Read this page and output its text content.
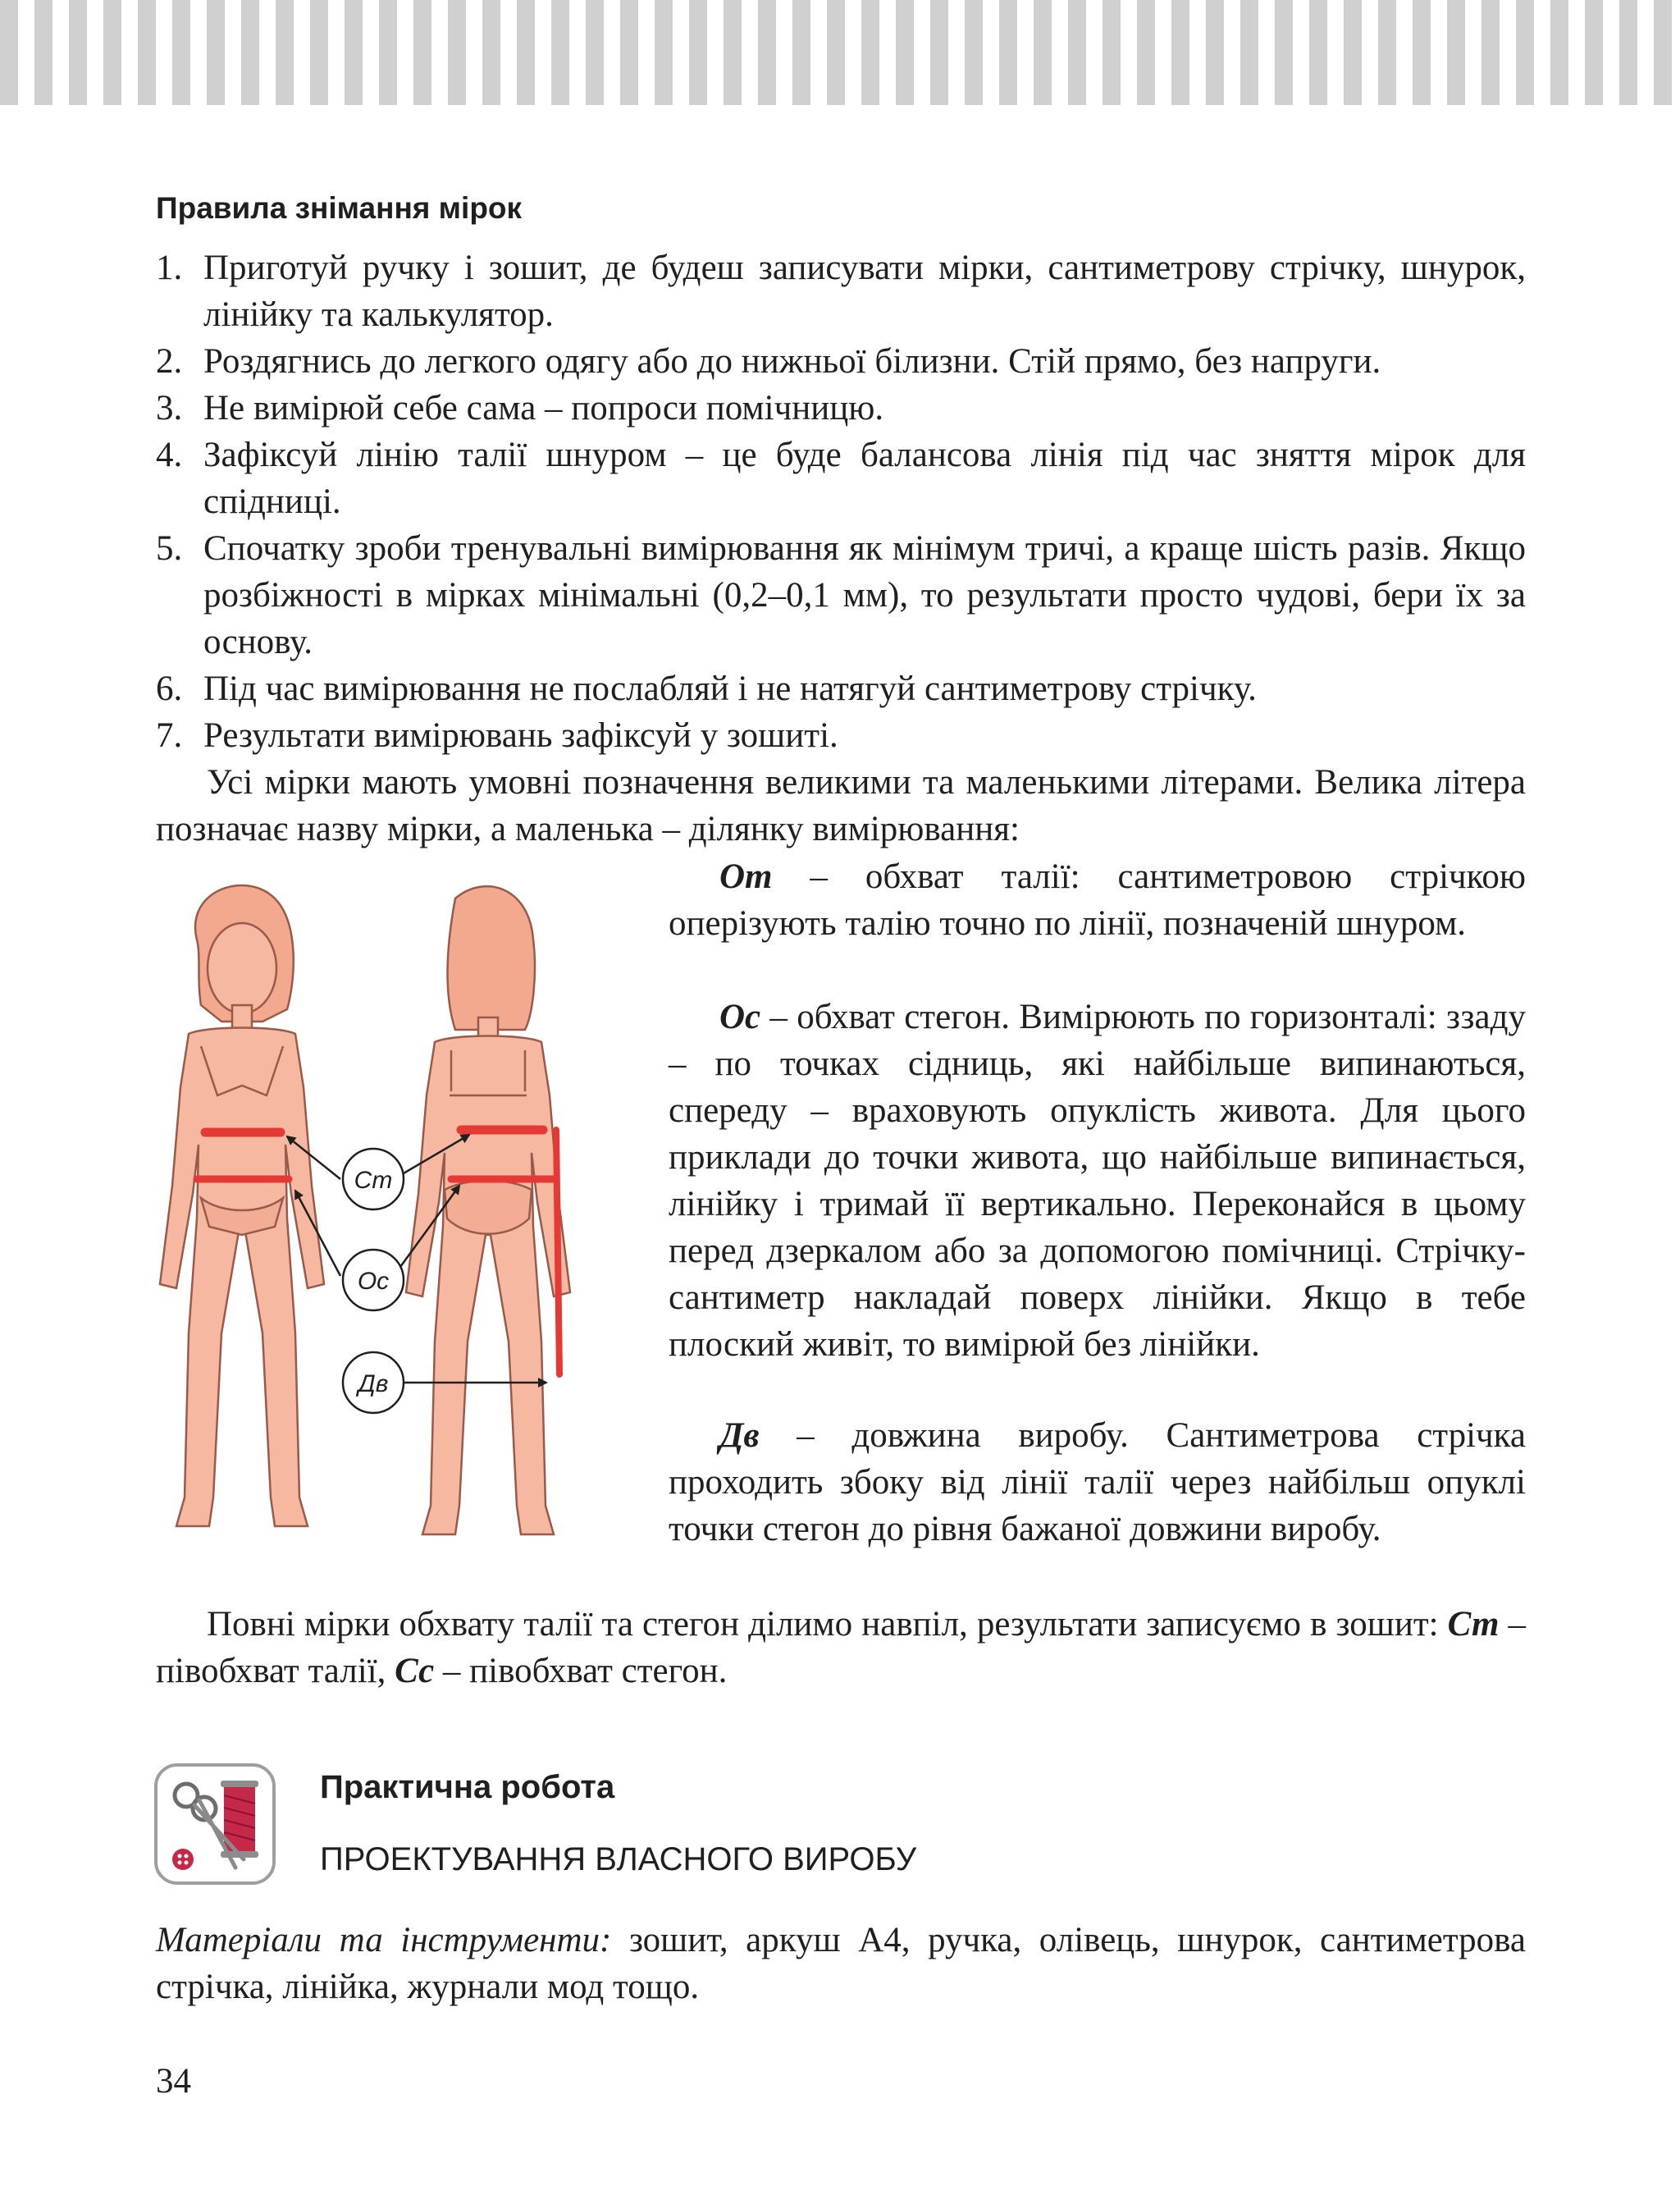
Правила знімання мірок
1. Приготуй ручку і зошит, де будеш записувати мірки, сантиметрову стрічку, шнурок, лінійку та калькулятор.
2. Роздягнись до легкого одягу або до нижньої білизни. Стій прямо, без напруги.
3. Не вимірюй себе сама – попроси помічницю.
4. Зафіксуй лінію талії шнуром – це буде балансова лінія під час зняття мірок для спідниці.
5. Спочатку зроби тренувальні вимірювання як мінімум тричі, а краще шість разів. Якщо розбіжності в мірках мінімальні (0,2–0,1 мм), то результати просто чудові, бери їх за основу.
6. Під час вимірювання не послабляй і не натягуй сантиметрову стрічку.
7. Результати вимірювань зафіксуй у зошиті.

Усі мірки мають умовні позначення великими та маленькими літерами. Велика літера позначає назву мірки, а маленька – ділянку вимірювання:

Ст
Ос
Дв

От – обхват талії: сантиметровою стрічкою оперізують талію точно по лінії, позначеній шнуром.

Ос – обхват стегон. Вимірюють по горизонталі: ззаду – по точках сідниць, які найбільше випинаються, спереду – враховують опуклість живота. Для цього приклади до точки живота, що найбільше випинається, лінійку і тримай її вертикально. Переконайся в цьому перед дзеркалом або за допомогою помічниці. Стрічку-сантиметр накладай поверх лінійки. Якщо в тебе плоский живіт, то вимірюй без лінійки.

Дв – довжина виробу. Сантиметрова стрічка проходить збоку від лінії талії через найбільш опуклі точки стегон до рівня бажаної довжини виробу.

Повні мірки обхвату талії та стегон ділимо навпіл, результати записуємо в зошит: Ст – півобхват талії, Сс – півобхват стегон.

Практична робота
ПРОЕКТУВАННЯ ВЛАСНОГО ВИРОБУ

Матеріали та інструменти: зошит, аркуш А4, ручка, олівець, шнурок, сантиметрова стрічка, лінійка, журнали мод тощо.

34
